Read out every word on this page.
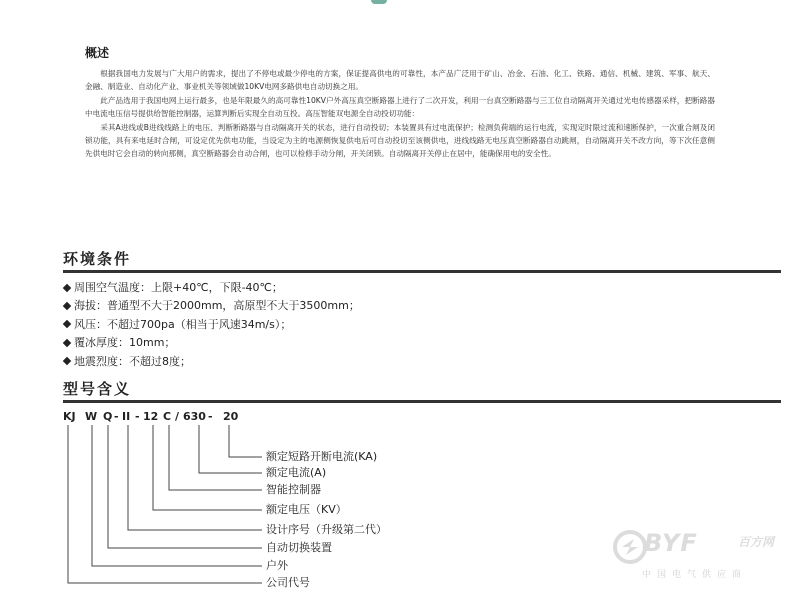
概述

根据我国电力发展与广大用户的需求，提出了不停电或最少停电的方案，保证提高供电的可靠性，本产品广泛用于矿山、冶金、石油、化工、铁路、通信、机械、建筑、军事、航天、金融、制造业、自动化产业、事业机关等领域做10KV电网多路供电自动切换之用。

此产品选用于我国电网上运行最多，也是年限最久的高可靠性10KV户外高压真空断路器上进行了二次开发，利用一台真空断路器与三工位自动隔离开关通过光电传感器采样，把断路器中电流电压信号提供给智能控制器，运算判断后实现全自动互投。高压智能双电源全自动投切功能：

采其A进线或B进线线路上的电压、判断断路器与自动隔离开关的状态，进行自动投切；本装置具有过电流保护；检测负荷端的运行电流，实现定时限过流和速断保护，一次重合闸及闭锁功能，具有来电延时合闸，可设定优先供电功能，当设定为主的电源侧恢复供电后可自动投切至该侧供电，进线线路无电压真空断路器自动跳闸，自动隔离开关不改方向，等下次任意侧先供电时它会自动的转向那侧，真空断路器会自动合闸，也可以检修手动分闸，开关闭锁。自动隔离开关停止在居中，能确保用电的安全性。

环境条件
周围空气温度：上限+40℃，下限-40℃；
海拔：普通型不大于2000mm，高原型不大于3500mm；
风压：不超过700pa（相当于风速34m/s）；
覆冰厚度：10mm；
地震烈度：不超过8度；
型号含义
KJ W Q - II - 12 C / 630 - 20
额定短路开断电流(KA)
额定电流(A)
智能控制器
额定电压（KV）
设计序号（升级第二代）
自动切换装置
户外
公司代号
BYF	百方网
中国电气供应商
